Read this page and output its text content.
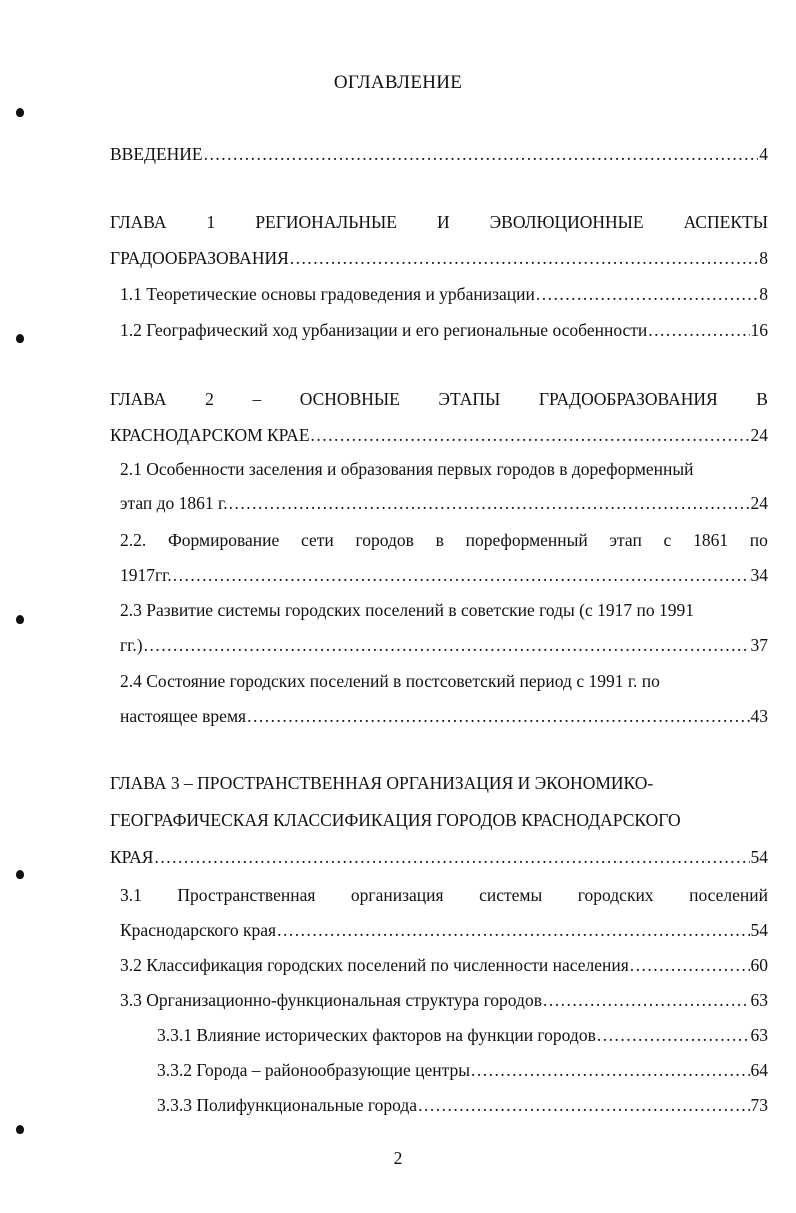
ОГЛАВЛЕНИЕ
ВВЕДЕНИЕ .....	4
ГЛАВА 1 РЕГИОНАЛЬНЫЕ И ЭВОЛЮЦИОННЫЕ АСПЕКТЫ
ГРАДООБРАЗОВАНИЯ .....	8
1.1 Теоретические основы градоведения и урбанизации .....	8
1.2 Географический ход урбанизации и его региональные особенности .....	16
ГЛАВА 2 – ОСНОВНЫЕ ЭТАПЫ ГРАДООБРАЗОВАНИЯ В
КРАСНОДАРСКОМ КРАЕ .....	24
2.1 Особенности заселения и образования первых городов в дореформенный
этап до 1861 г. .....	24
2.2. Формирование сети городов в пореформенный этап с 1861 по
1917гг. .....	34
2.3 Развитие системы городских поселений в советские годы (с 1917 по 1991
гг.) .....	37
2.4 Состояние городских поселений в постсоветский период с 1991 г. по
настоящее время .....	43
ГЛАВА 3 – ПРОСТРАНСТВЕННАЯ ОРГАНИЗАЦИЯ И ЭКОНОМИКО-
ГЕОГРАФИЧЕСКАЯ КЛАССИФИКАЦИЯ ГОРОДОВ КРАСНОДАРСКОГО
КРАЯ .....	54
3.1 Пространственная организация системы городских поселений
Краснодарского края .....	54
3.2 Классификация городских поселений по численности населения .....	60
3.3 Организационно-функциональная структура городов .....	63
3.3.1 Влияние исторических факторов на функции городов .....	63
3.3.2 Города – районообразующие центры .....	64
3.3.3 Полифункциональные города .....	73
2
